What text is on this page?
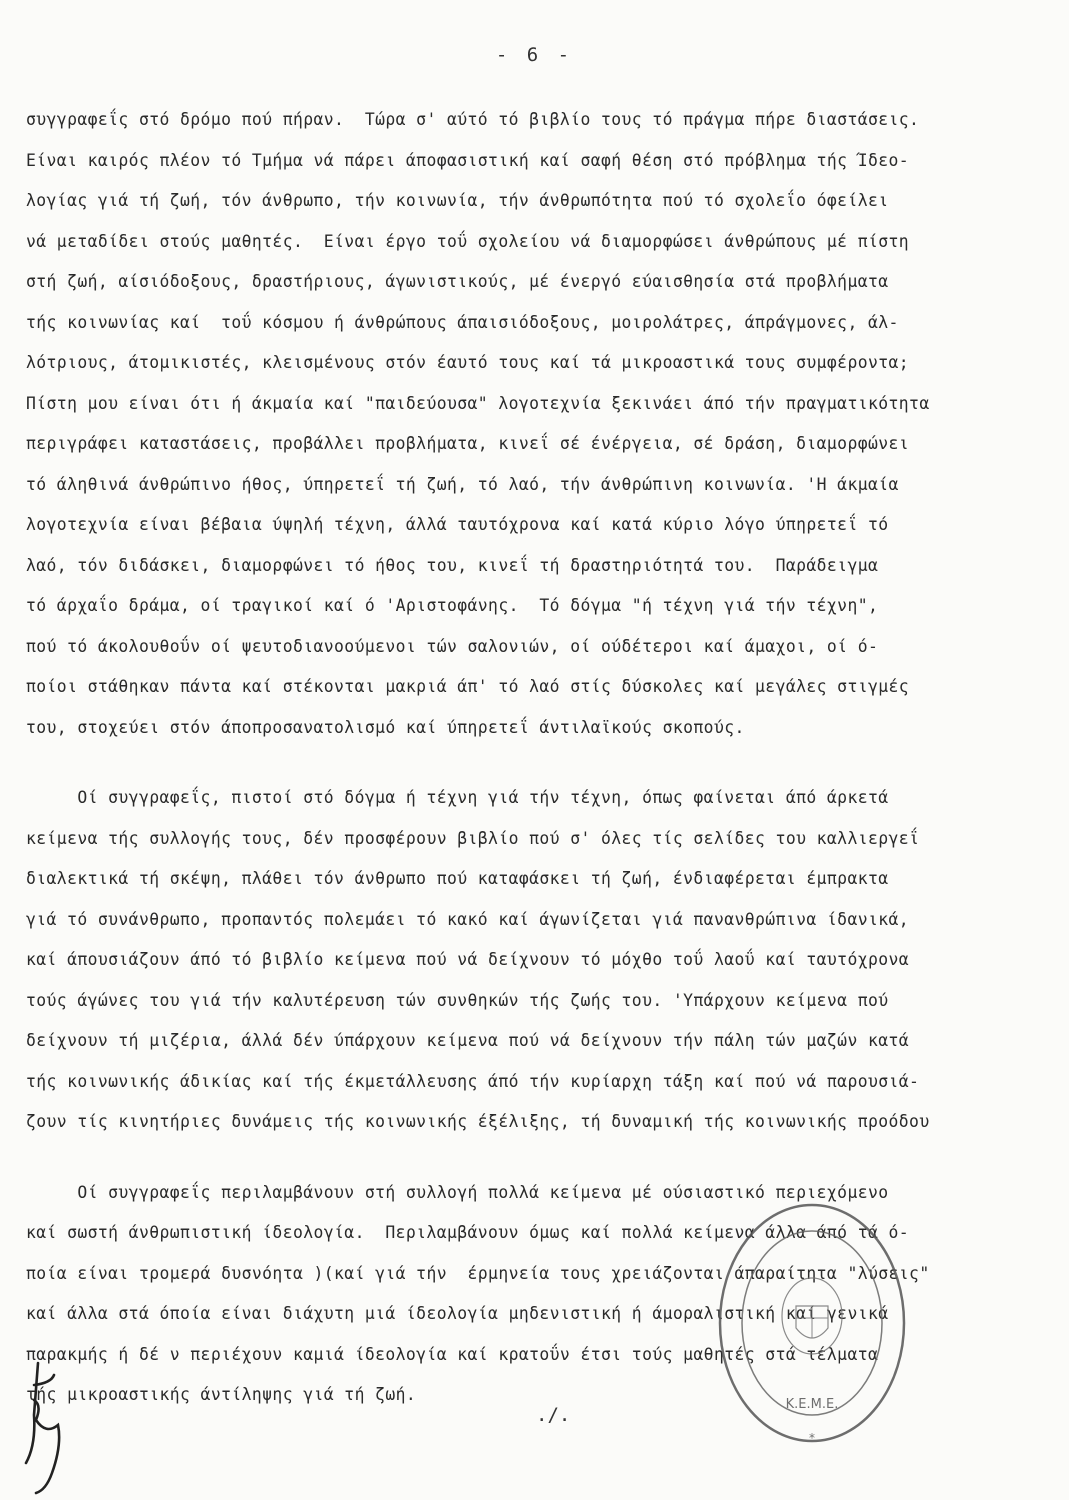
- 6 -
συγγραφεΐς στό δρόμο πού πήραν.  Τώρα σ' αύτό τό βιβλίο τους τό πράγμα πήρε διαστάσεις.
Είναι καιρός πλέον τό Τμήμα νά πάρει άποφασιστική καί σαφή θέση στό πρόβλημα τής Ίδεο-
λογίας γιά τή ζωή, τόν άνθρωπο, τήν κοινωνία, τήν άνθρωπότητα πού τό σχολεΐο όφείλει
νά μεταδίδει στούς μαθητές.  Είναι έργο τοΰ σχολείου νά διαμορφώσει άνθρώπους μέ πίστη
στή ζωή, αίσιόδοξους, δραστήριους, άγωνιστικούς, μέ ένεργό εύαισθησία στά προβλήματα
τής κοινωνίας καί  τοΰ κόσμου ή άνθρώπους άπαισιόδοξους, μοιρολάτρες, άπράγμονες, άλ-
λότριους, άτομικιστές, κλεισμένους στόν έαυτό τους καί τά μικροαστικά τους συμφέροντα;
Πίστη μου είναι ότι ή άκμαία καί "παιδεύουσα" λογοτεχνία ξεκινάει άπό τήν πραγματικότητα
περιγράφει καταστάσεις, προβάλλει προβλήματα, κινεΐ σέ ένέργεια, σέ δράση, διαμορφώνει
τό άληθινά άνθρώπινο ήθος, ύπηρετεΐ τή ζωή, τό λαό, τήν άνθρώπινη κοινωνία. 'Η άκμαία
λογοτεχνία είναι βέβαια ύψηλή τέχνη, άλλά ταυτόχρονα καί κατά κύριο λόγο ύπηρετεΐ τό
λαό, τόν διδάσκει, διαμορφώνει τό ήθος του, κινεΐ τή δραστηριότητά του.  Παράδειγμα
τό άρχαΐο δράμα, οί τραγικοί καί ό 'Αριστοφάνης.  Τό δόγμα "ή τέχνη γιά τήν τέχνη",
πού τό άκολουθοΰν οί ψευτοδιανοούμενοι τών σαλονιών, οί ούδέτεροι καί άμαχοι, οί ό-
ποίοι στάθηκαν πάντα καί στέκονται μακριά άπ' τό λαό στίς δύσκολες καί μεγάλες στιγμές
του, στοχεύει στόν άποπροσανατολισμό καί ύπηρετεΐ άντιλαϊκούς σκοπούς.
Οί συγγραφεΐς, πιστοί στό δόγμα ή τέχνη γιά τήν τέχνη, όπως φαίνεται άπό άρκετά
κείμενα τής συλλογής τους, δέν προσφέρουν βιβλίο πού σ' όλες τίς σελίδες του καλλιεργεΐ
διαλεκτικά τή σκέψη, πλάθει τόν άνθρωπο πού καταφάσκει τή ζωή, ένδιαφέρεται έμπρακτα
γιά τό συνάνθρωπο, προπαντός πολεμάει τό κακό καί άγωνίζεται γιά πανανθρώπινα ίδανικά,
καί άπουσιάζουν άπό τό βιβλίο κείμενα πού νά δείχνουν τό μόχθο τοΰ λαοΰ καί ταυτόχρονα
τούς άγώνες του γιά τήν καλυτέρευση τών συνθηκών τής ζωής του. 'Υπάρχουν κείμενα πού
δείχνουν τή μιζέρια, άλλά δέν ύπάρχουν κείμενα πού νά δείχνουν τήν πάλη τών μαζών κατά
τής κοινωνικής άδικίας καί τής έκμετάλλευσης άπό τήν κυρίαρχη τάξη καί πού νά παρουσιά-
ζουν τίς κινητήριες δυνάμεις τής κοινωνικής έξέλιξης, τή δυναμική τής κοινωνικής προόδου
Οί συγγραφεΐς περιλαμβάνουν στή συλλογή πολλά κείμενα μέ ούσιαστικό περιεχόμενο
καί σωστή άνθρωπιστική ίδεολογία.  Περιλαμβάνουν όμως καί πολλά κείμενα άλλα άπό τά ό-
ποία είναι τρομερά δυσνόητα )(καί γιά τήν  έρμηνεία τους χρειάζονται άπαραίτητα "λύσεις"
καί άλλα στά όποία είναι διάχυτη μιά ίδεολογία μηδενιστική ή άμοραλιστική καί γενικά
παρακμής ή δέ ν περιέχουν καμιά ίδεολογία καί κρατοΰν έτσι τούς μαθητές στά τέλματα
τής μικροαστικής άντίληψης γιά τή ζωή.
./.	Κ.Ε.Μ.Ε.
*
